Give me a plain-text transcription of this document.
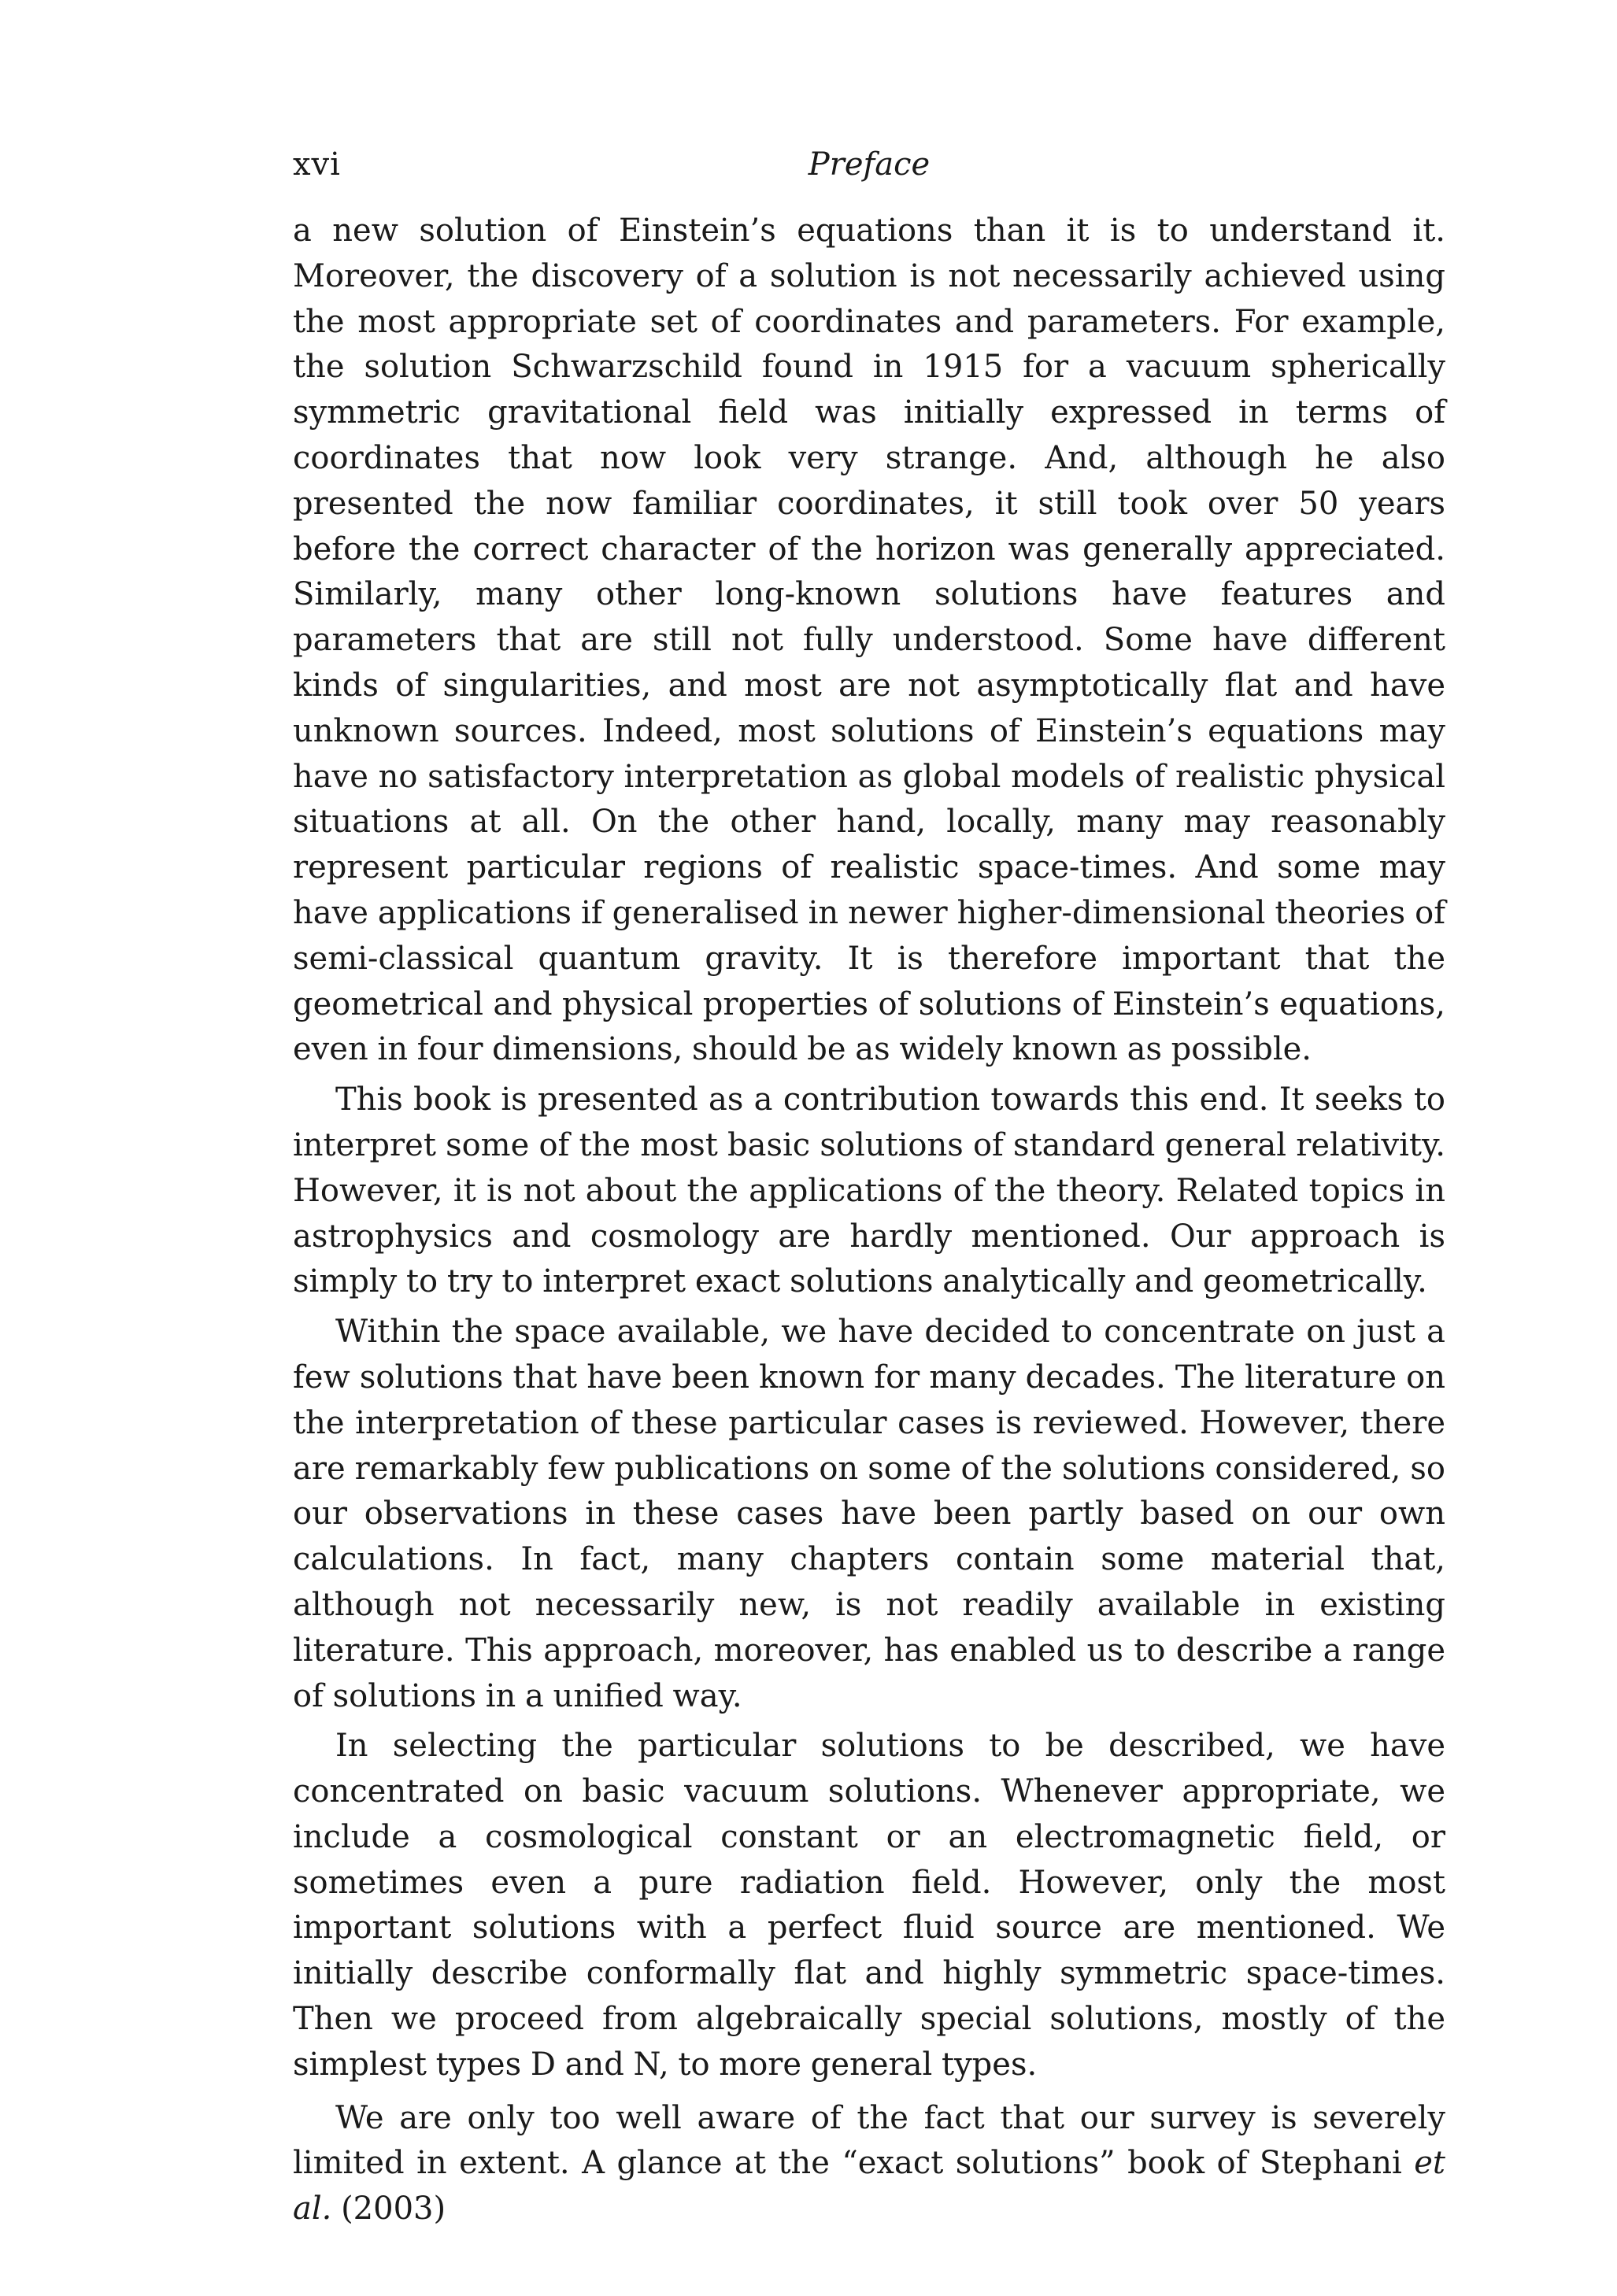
xvi	Preface

a new solution of Einstein’s equations than it is to understand it. Moreover, the discovery of a solution is not necessarily achieved using the most appropriate set of coordinates and parameters. For example, the solution Schwarzschild found in 1915 for a vacuum spherically symmetric gravitational field was initially expressed in terms of coordinates that now look very strange. And, although he also presented the now familiar coordinates, it still took over 50 years before the correct character of the horizon was generally appreciated. Similarly, many other long-known solutions have features and parameters that are still not fully understood. Some have different kinds of singularities, and most are not asymptotically flat and have unknown sources. Indeed, most solutions of Einstein’s equations may have no satisfactory interpretation as global models of realistic physical situations at all. On the other hand, locally, many may reasonably represent particular regions of realistic space-times. And some may have applications if generalised in newer higher-dimensional theories of semi-classical quantum gravity. It is therefore important that the geometrical and physical properties of solutions of Einstein’s equations, even in four dimensions, should be as widely known as possible.

This book is presented as a contribution towards this end. It seeks to interpret some of the most basic solutions of standard general relativity. However, it is not about the applications of the theory. Related topics in astrophysics and cosmology are hardly mentioned. Our approach is simply to try to interpret exact solutions analytically and geometrically.

Within the space available, we have decided to concentrate on just a few solutions that have been known for many decades. The literature on the interpretation of these particular cases is reviewed. However, there are remarkably few publications on some of the solutions considered, so our observations in these cases have been partly based on our own calculations. In fact, many chapters contain some material that, although not necessarily new, is not readily available in existing literature. This approach, moreover, has enabled us to describe a range of solutions in a unified way.

In selecting the particular solutions to be described, we have concentrated on basic vacuum solutions. Whenever appropriate, we include a cosmological constant or an electromagnetic field, or sometimes even a pure radiation field. However, only the most important solutions with a perfect fluid source are mentioned. We initially describe conformally flat and highly symmetric space-times. Then we proceed from algebraically special solutions, mostly of the simplest types D and N, to more general types.

We are only too well aware of the fact that our survey is severely limited in extent. A glance at the “exact solutions” book of Stephani et al. (2003)
